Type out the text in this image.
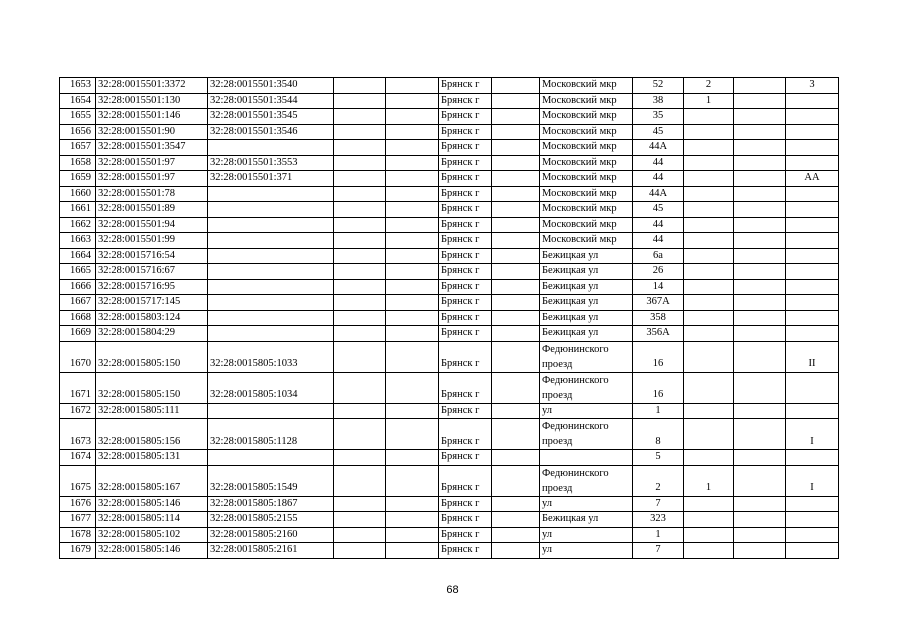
1653	32:28:0015501:3372	32:28:0015501:3540			Брянск г		Московский мкр	52	2		3
1654	32:28:0015501:130	32:28:0015501:3544			Брянск г		Московский мкр	38	1		
1655	32:28:0015501:146	32:28:0015501:3545			Брянск г		Московский мкр	35			
1656	32:28:0015501:90	32:28:0015501:3546			Брянск г		Московский мкр	45			
1657	32:28:0015501:3547				Брянск г		Московский мкр	44А			
1658	32:28:0015501:97	32:28:0015501:3553			Брянск г		Московский мкр	44			
1659	32:28:0015501:97	32:28:0015501:371			Брянск г		Московский мкр	44			АА
1660	32:28:0015501:78				Брянск г		Московский мкр	44А			
1661	32:28:0015501:89				Брянск г		Московский мкр	45			
1662	32:28:0015501:94				Брянск г		Московский мкр	44			
1663	32:28:0015501:99				Брянск г		Московский мкр	44			
1664	32:28:0015716:54				Брянск г		Бежицкая ул	6а			
1665	32:28:0015716:67				Брянск г		Бежицкая ул	26			
1666	32:28:0015716:95				Брянск г		Бежицкая ул	14			
1667	32:28:0015717:145				Брянск г		Бежицкая ул	367А			
1668	32:28:0015803:124				Брянск г		Бежицкая ул	358			
1669	32:28:0015804:29				Брянск г		Бежицкая ул	356А			
1670	32:28:0015805:150	32:28:0015805:1033			Брянск г		Федюнинского проезд	16			II
1671	32:28:0015805:150	32:28:0015805:1034			Брянск г		Федюнинского проезд	16			
1672	32:28:0015805:111				Брянск г		ул	1			
1673	32:28:0015805:156	32:28:0015805:1128			Брянск г		Федюнинского проезд	8			I
1674	32:28:0015805:131				Брянск г			5			
1675	32:28:0015805:167	32:28:0015805:1549			Брянск г		Федюнинского проезд	2	1		I
1676	32:28:0015805:146	32:28:0015805:1867			Брянск г		ул	7			
1677	32:28:0015805:114	32:28:0015805:2155			Брянск г		Бежицкая ул	323			
1678	32:28:0015805:102	32:28:0015805:2160			Брянск г		ул	1			
1679	32:28:0015805:146	32:28:0015805:2161			Брянск г		ул	7			
68
